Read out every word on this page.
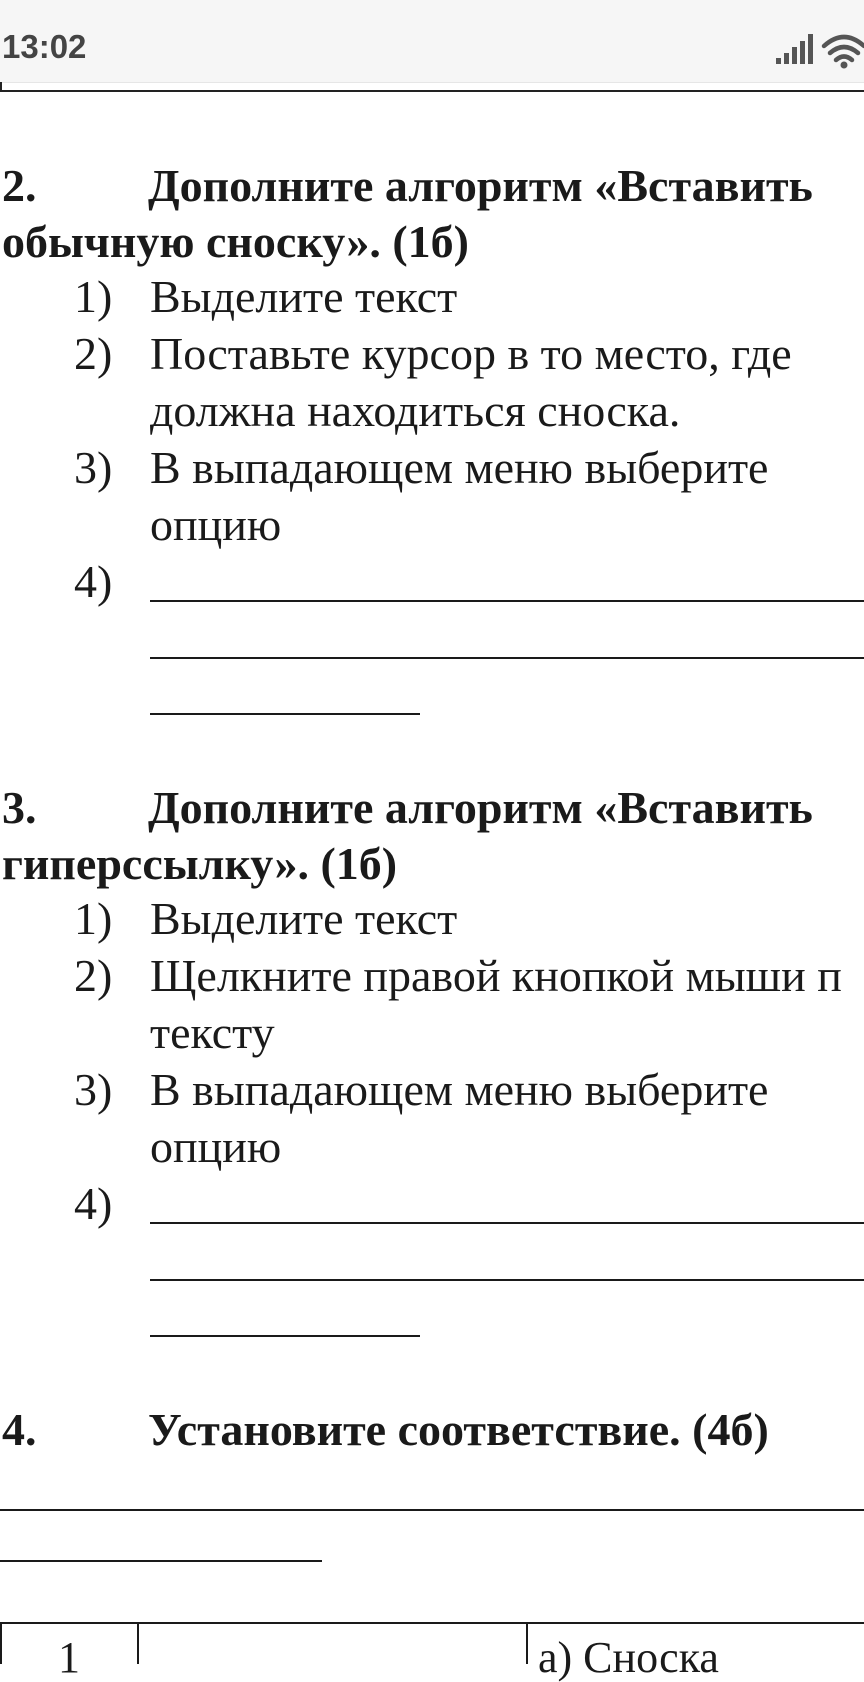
13:02
2. Дополните алгоритм «Вставить
обычную сноску». (1б)
1) Выделите текст
2) Поставьте курсор в то место, где
должна находиться сноска.
3) В выпадающем меню выберите
опцию
4)
3. Дополните алгоритм «Вставить
гиперссылку». (1б)
1) Выделите текст
2) Щелкните правой кнопкой мыши п
тексту
3) В выпадающем меню выберите
опцию
4)
4. Установите соответствие. (4б)
1	а) Сноска
